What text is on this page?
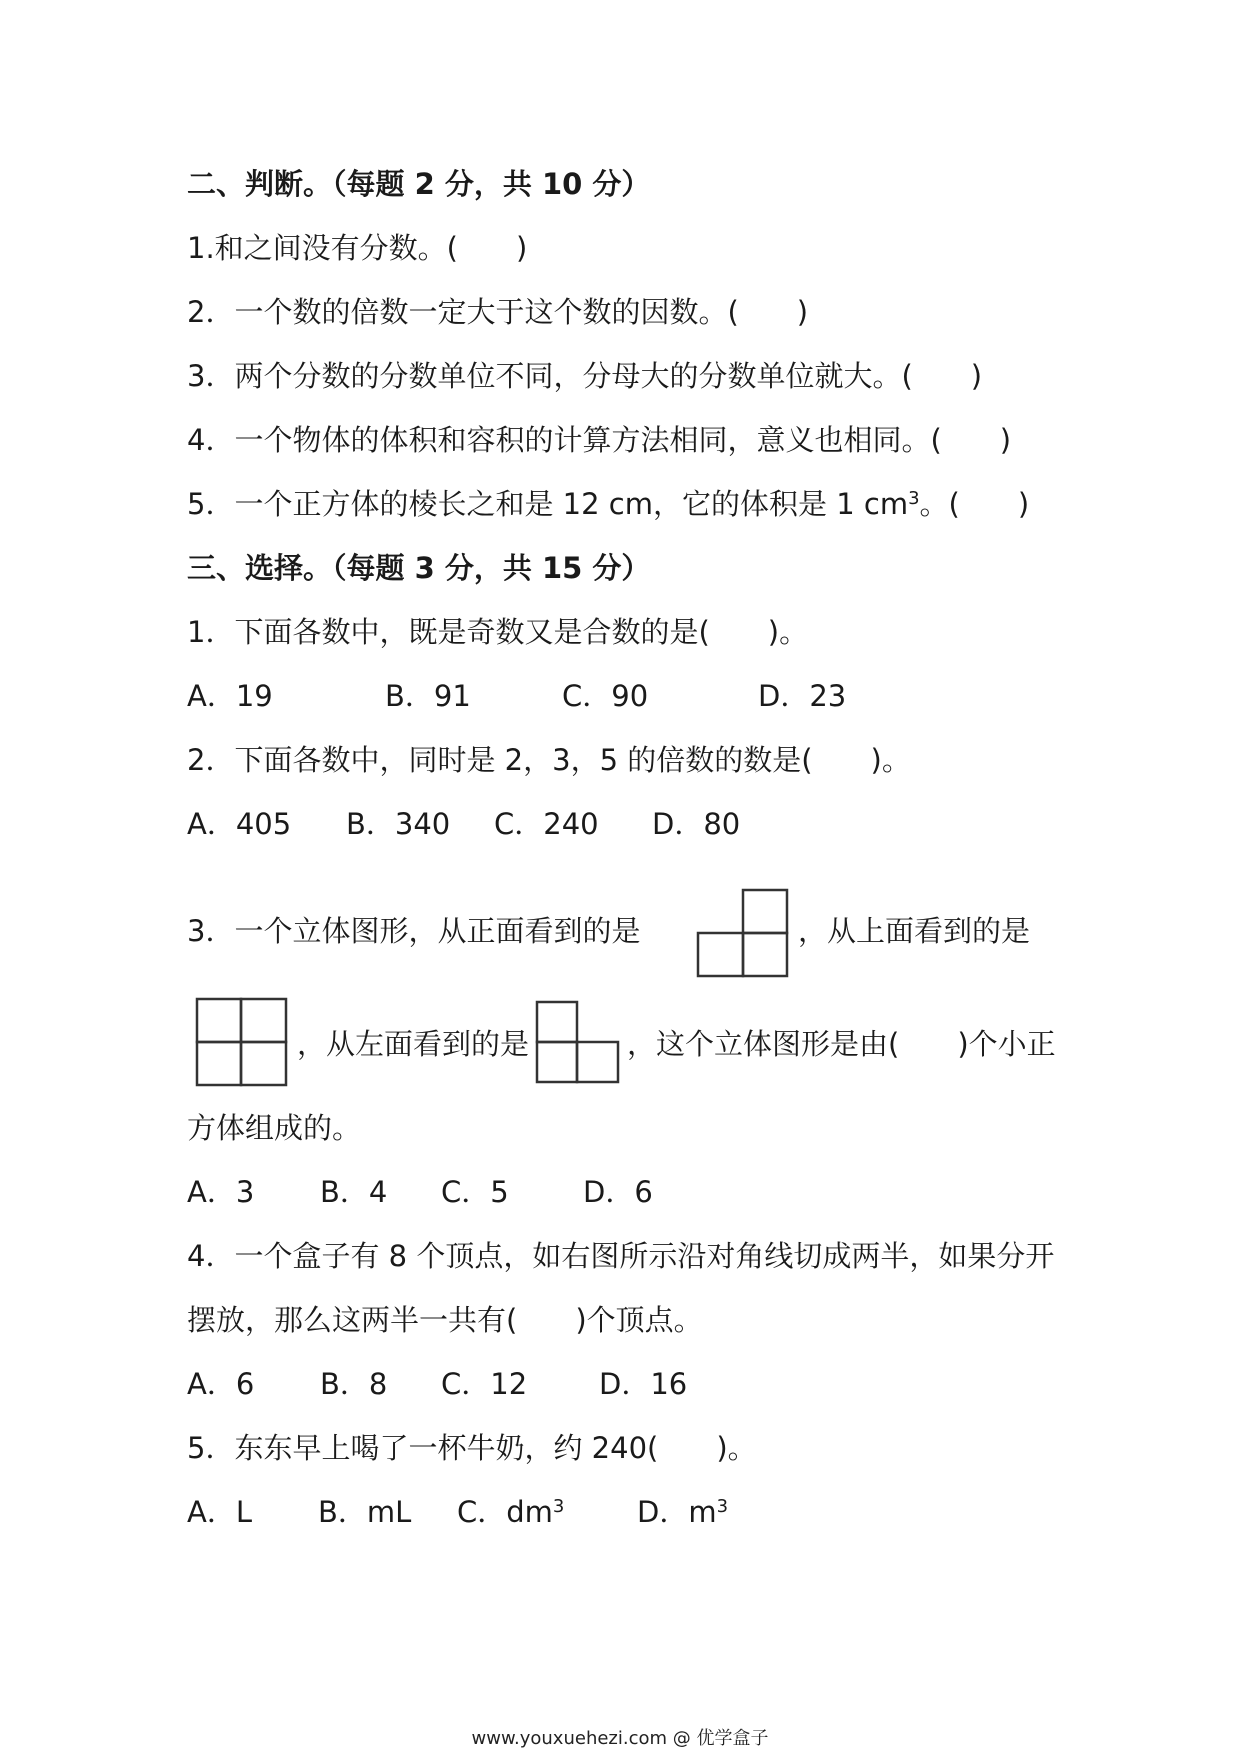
二、判断。（每题 2 分，共 10 分）
1.和之间没有分数。(　　)
2．一个数的倍数一定大于这个数的因数。(　　)
3．两个分数的分数单位不同，分母大的分数单位就大。(　　)
4．一个物体的体积和容积的计算方法相同，意义也相同。(　　)
5．一个正方体的棱长之和是 12 cm，它的体积是 1 $cm^3$。(　　)
三、选择。（每题 3 分，共 15 分）
1．下面各数中，既是奇数又是合数的是(　　)。
A．19	B．91	C．90	D．23
2．下面各数中，同时是 2，3，5 的倍数的数是(　　)。
A．405 B．340 C．240 D．80
3．一个立体图形，从正面看到的是	，从上面看到的是
，从左面看到的是	，这个立体图形是由(　　)个小正
方体组成的。
A．3 B．4 C．5	D．6
4．一个盒子有 8 个顶点，如右图所示沿对角线切成两半，如果分开
摆放，那么这两半一共有(　　)个顶点。
A．6 B．8 C．12 D．16
5．东东早上喝了一杯牛奶，约 240(　　)。
A．L B．mL C．$dm^3$	D．$m^3$
www.youxuehezi.com @ 优学盒子
